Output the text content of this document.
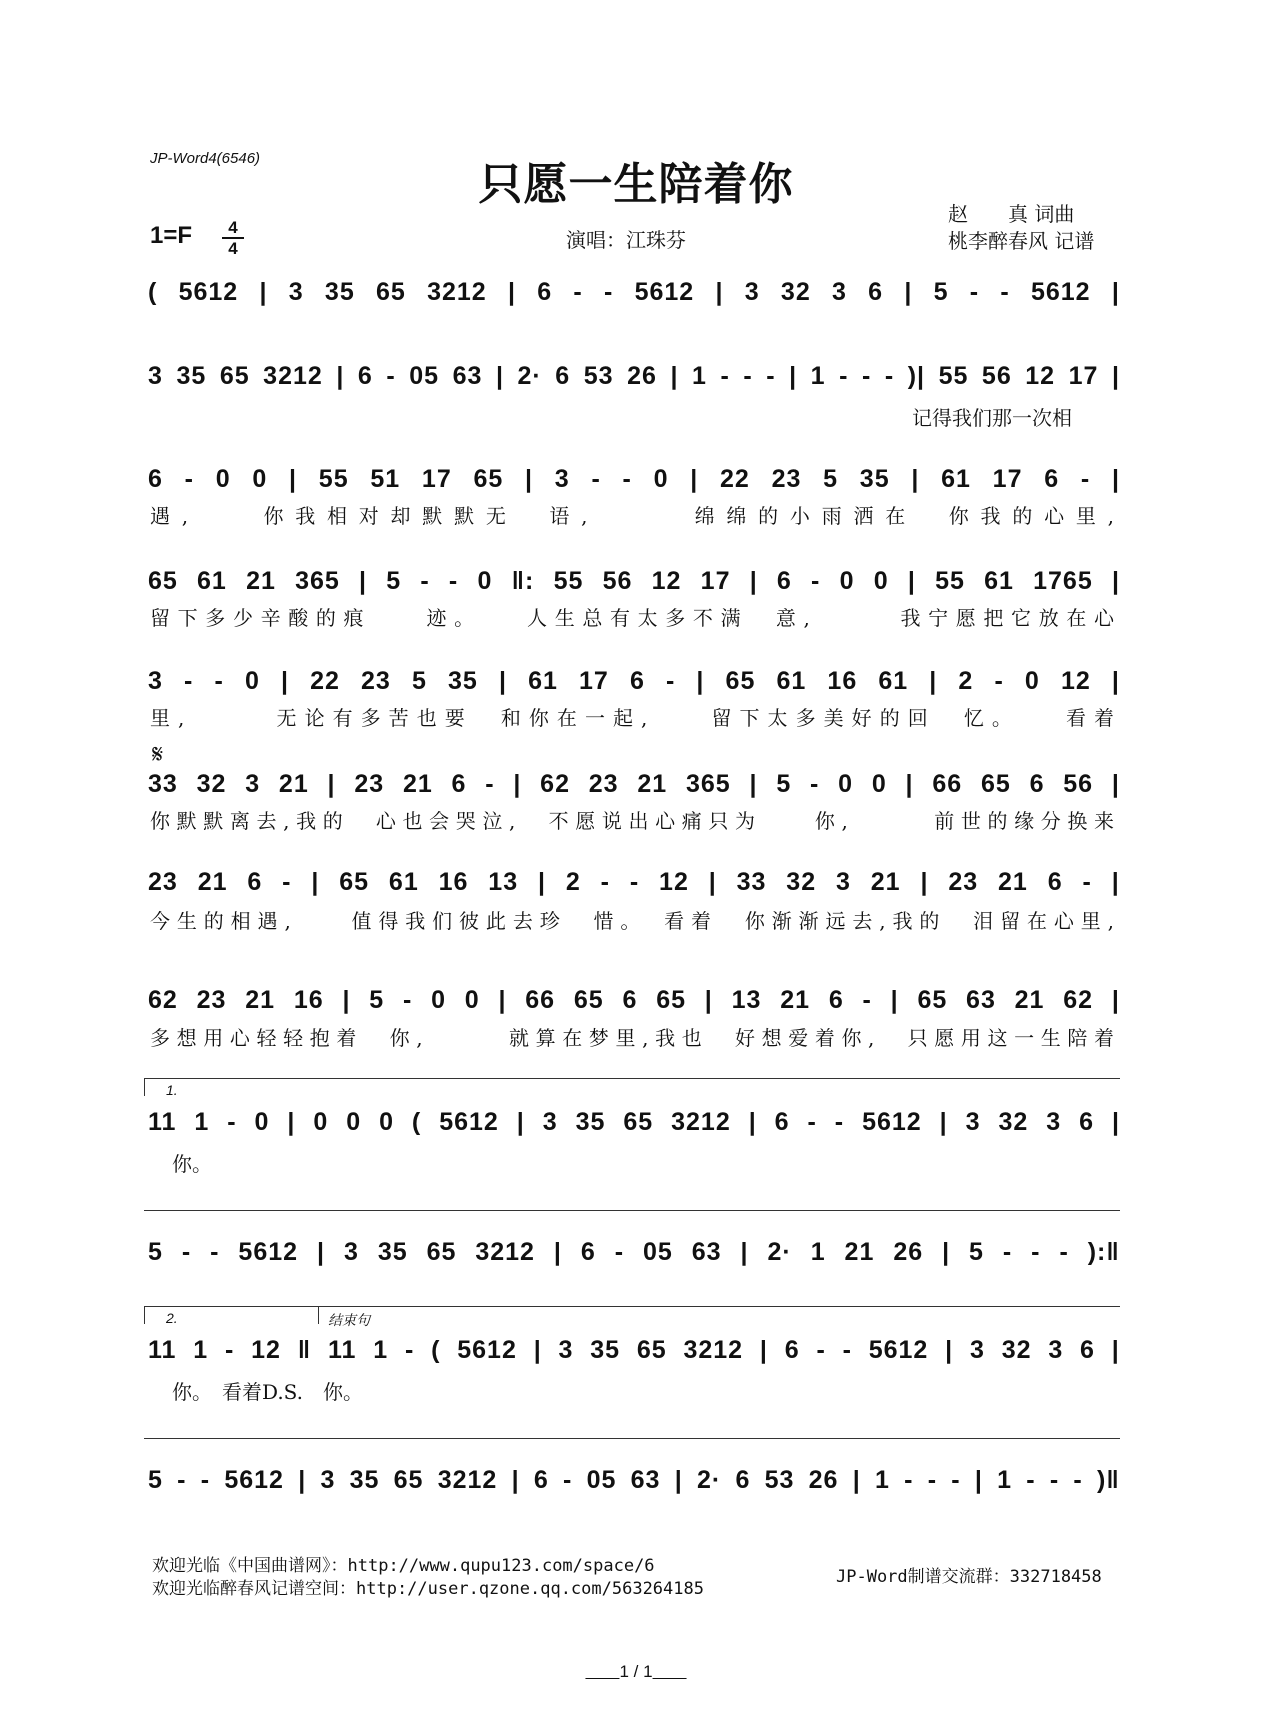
JP-Word4(6546)
只愿一生陪着你
赵　　真 词曲
桃李醉春风 记谱
1=F	4
4	演唱：江珠芬
( 5612 | 3 35 65 3212 | 6 - - 5612 | 3 32 3 6 | 5 - - 5612 |
3 35 65 3212 | 6 - 05 63 | 2· 6 53 26 | 1 - - - | 1 - - - )| 55 56 12 17 |
记得我们那一次相
6 - 0 0 | 55 51 17 65 | 3 - - 0 | 22 23 5 35 | 61 17 6 - |
遇,　　你我相对却默默无　语,　　　绵绵的小雨洒在　你我的心里,
65 61 21 365 | 5 - - 0 ‖: 55 56 12 17 | 6 - 0 0 | 55 61 1765 |
留下多少辛酸的痕　　迹。　　人生总有太多不满　意,　　　我宁愿把它放在心
3 - - 0 | 22 23 5 35 | 61 17 6 - | 65 61 16 61 | 2 - 0 12 |
里,　　　无论有多苦也要　和你在一起,　　留下太多美好的回　忆。　　看着
𝄋
33 32 3 21 | 23 21 6 - | 62 23 21 365 | 5 - 0 0 | 66 65 6 56 |
你默默离去,我的　心也会哭泣,　不愿说出心痛只为　　你,　　　前世的缘分换来
23 21 6 - | 65 61 16 13 | 2 - - 12 | 33 32 3 21 | 23 21 6 - |
今生的相遇,　　值得我们彼此去珍　惜。　看着　你渐渐远去,我的　泪留在心里,
62 23 21 16 | 5 - 0 0 | 66 65 6 65 | 13 21 6 - | 65 63 21 62 |
多想用心轻轻抱着　你,　　　就算在梦里,我也　好想爱着你,　只愿用这一生陪着
1.
11 1 - 0 | 0 0 0 ( 5612 | 3 35 65 3212 | 6 - - 5612 | 3 32 3 6 |
你。
5 - - 5612 | 3 35 65 3212 | 6 - 05 63 | 2· 1 21 26 | 5 - - - ):‖
2.	结束句
11 1 - 12 ‖ 11 1 - ( 5612 | 3 35 65 3212 | 6 - - 5612 | 3 32 3 6 |
你。　看着D.S.　你。
5 - - 5612 | 3 35 65 3212 | 6 - 05 63 | 2· 6 53 26 | 1 - - - | 1 - - - )‖
欢迎光临《中国曲谱网》：http://www.qupu123.com/space/6
欢迎光临醉春风记谱空间：http://user.qzone.qq.com/563264185
JP-Word制谱交流群：332718458
  1 / 1  
